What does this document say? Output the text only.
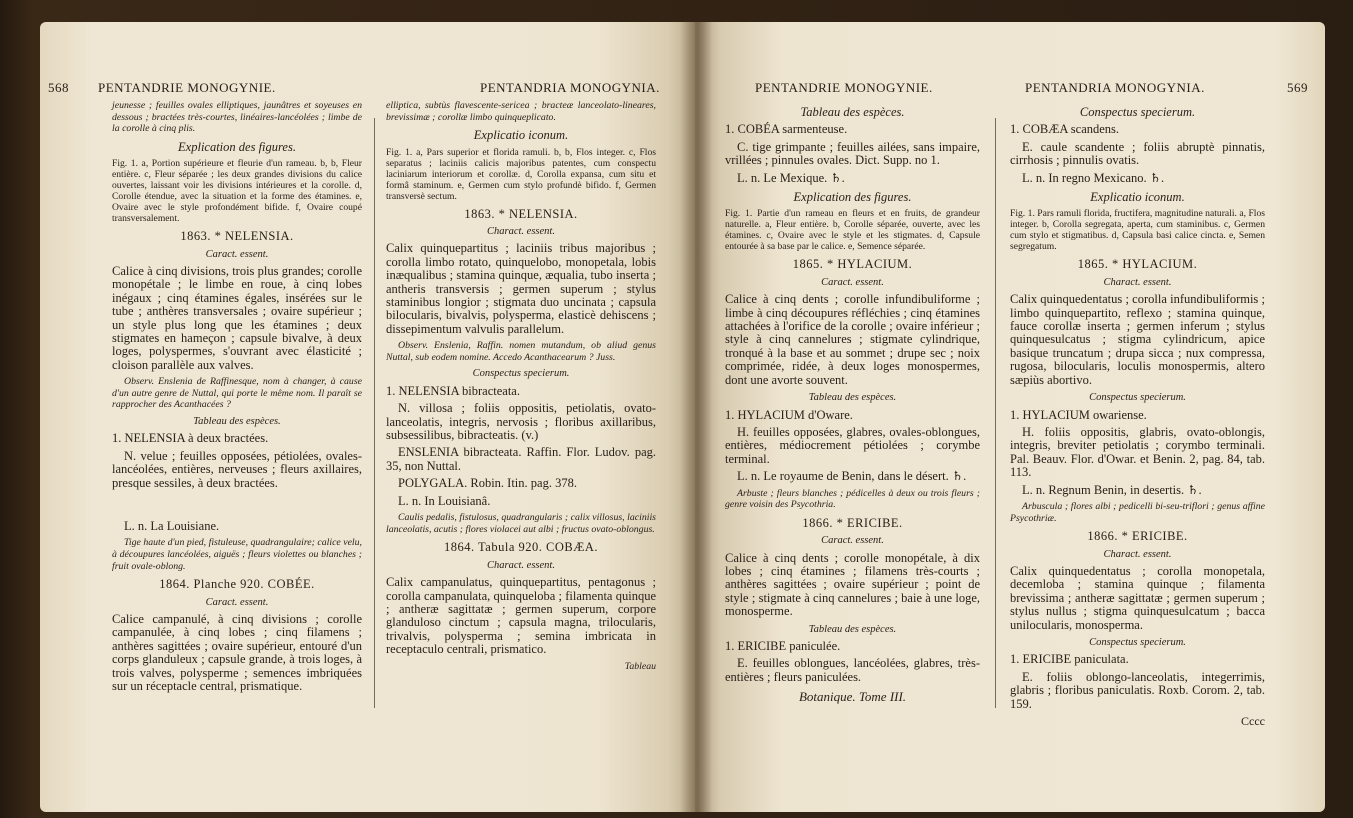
568 PENTANDRIE MONOGYNIE.	PENTANDRIA MONOGYNIA.

jeunesse ; feuilles ovales elliptiques, jaunâtres et soyeuses en dessous ; bractées très-courtes, linéaires-lancéolées ; limbe de la corolle à cinq plis.

Explication des figures.

Fig. 1. a, Portion supérieure et fleurie d'un rameau. b, b, Fleur entière. c, Fleur séparée ; les deux grandes divisions du calice ouvertes, laissant voir les divisions intérieures et la corolle. d, Corolle étendue, avec la situation et la forme des étamines. e, Ovaire avec le style profondément bifide. f, Ovaire coupé transversalement.

1863. * NELENSIA.
Caract. essent.

Calice à cinq divisions, trois plus grandes; corolle monopétale ; le limbe en roue, à cinq lobes inégaux ; cinq étamines égales, insérées sur le tube ; anthères transversales ; ovaire supérieur ; un style plus long que les étamines ; deux stigmates en hameçon ; capsule bivalve, à deux loges, polyspermes, s'ouvrant avec élasticité ; cloison parallèle aux valves.

Observ. Enslenia de Raffinesque, nom à changer, à cause d'un autre genre de Nuttal, qui porte le même nom. Il paraît se rapprocher des Acanthacées ?

Tableau des espèces.

1. NELENSIA à deux bractées.

N. velue ; feuilles opposées, pétiolées, ovales-lancéolées, entières, nerveuses ; fleurs axillaires, presque sessiles, à deux bractées.

L. n. La Louisiane.

Tige haute d'un pied, fistuleuse, quadrangulaire; calice velu, à découpures lancéolées, aiguës ; fleurs violettes ou blanches ; fruit ovale-oblong.

1864. Planche 920. COBÉE.
Caract. essent.

Calice campanulé, à cinq divisions ; corolle campanulée, à cinq lobes ; cinq filamens ; anthères sagittées ; ovaire supérieur, entouré d'un corps glanduleux ; capsule grande, à trois loges, à trois valves, polysperme ; semences imbriquées sur un réceptacle central, prismatique.

elliptica, subtùs flavescente-sericea ; bracteæ lanceolato-lineares, brevissimæ ; corollæ limbo quinqueplicato.

Explicatio iconum.

Fig. 1. a, Pars superior et florida ramuli. b, b, Flos integer. c, Flos separatus ; laciniis calicis majoribus patentes, cum conspectu laciniarum interiorum et corollæ. d, Corolla expansa, cum situ et formâ staminum. e, Germen cum stylo profundè bifido. f, Germen transversè sectum.

1863. * NELENSIA.
Charact. essent.

Calix quinquepartitus ; laciniis tribus majoribus ; corolla limbo rotato, quinquelobo, monopetala, lobis inæqualibus ; stamina quinque, æqualia, tubo inserta ; antheris transversis ; germen superum ; stylus staminibus longior ; stigmata duo uncinata ; capsula bilocularis, bivalvis, polysperma, elasticè dehiscens ; dissepimentum valvulis parallelum.

Observ. Enslenia, Raffin. nomen mutandum, ob aliud genus Nuttal, sub eodem nomine. Accedo Acanthacearum ? Juss.

Conspectus specierum.

1. NELENSIA bibracteata.

N. villosa ; foliis oppositis, petiolatis, ovato-lanceolatis, integris, nervosis ; floribus axillaribus, subsessilibus, bibracteatis. (v.)

ENSLENIA bibracteata. Raffin. Flor. Ludov. pag. 35, non Nuttal.

POLYGALA. Robin. Itin. pag. 378.

L. n. In Louisianâ.

Caulis pedalis, fistulosus, quadrangularis ; calix villosus, laciniis lanceolatis, acutis ; flores violacei aut albi ; fructus ovato-oblongus.

1864. Tabula 920. COBÆA.
Charact. essent.

Calix campanulatus, quinquepartitus, pentagonus ; corolla campanulata, quinqueloba ; filamenta quinque ; antheræ sagittatæ ; germen superum, corpore glanduloso cinctum ; capsula magna, trilocularis, trivalvis, polysperma ; semina imbricata in receptaculo centrali, prismatico.

Tableau
PENTANDRIE MONOGYNIE.	PENTANDRIA MONOGYNIA.	569
Tableau des espèces.

1. COBÉA sarmenteuse.

C. tige grimpante ; feuilles ailées, sans impaire, vrillées ; pinnules ovales. Dict. Supp. no 1.

L. n. Le Mexique. ♄.

Explication des figures.

Fig. 1. Partie d'un rameau en fleurs et en fruits, de grandeur naturelle. a, Fleur entière. b, Corolle séparée, ouverte, avec les étamines. c, Ovaire avec le style et les stigmates. d, Capsule entourée à sa base par le calice. e, Semence séparée.

1865. * HYLACIUM.
Caract. essent.

Calice à cinq dents ; corolle infundibuliforme ; limbe à cinq découpures réfléchies ; cinq étamines attachées à l'orifice de la corolle ; ovaire inférieur ; style à cinq cannelures ; stigmate cylindrique, tronqué à la base et au sommet ; drupe sec ; noix comprimée, ridée, à deux loges monospermes, dont une avorte souvent.

Tableau des espèces.

1. HYLACIUM d'Oware.

H. feuilles opposées, glabres, ovales-oblongues, entières, médiocrement pétiolées ; corymbe terminal.

L. n. Le royaume de Benin, dans le désert. ♄.

Arbuste ; fleurs blanches ; pédicelles à deux ou trois fleurs ; genre voisin des Psycothria.

1866. * ERICIBE.
Caract. essent.

Calice à cinq dents ; corolle monopétale, à dix lobes ; cinq étamines ; filamens très-courts ; anthères sagittées ; ovaire supérieur ; point de style ; stigmate à cinq cannelures ; baie à une loge, monosperme.

Tableau des espèces.

1. ERICIBE paniculée.

E. feuilles oblongues, lancéolées, glabres, très-entières ; fleurs paniculées.

Botanique. Tome III.
Conspectus specierum.

1. COBÆA scandens.

E. caule scandente ; foliis abruptè pinnatis, cirrhosis ; pinnulis ovatis.

L. n. In regno Mexicano. ♄.

Explicatio iconum.

Fig. 1. Pars ramuli florida, fructifera, magnitudine naturali. a, Flos integer. b, Corolla segregata, aperta, cum staminibus. c, Germen cum stylo et stigmatibus. d, Capsula basi calice cincta. e, Semen segregatum.

1865. * HYLACIUM.
Charact. essent.

Calix quinquedentatus ; corolla infundibuliformis ; limbo quinquepartito, reflexo ; stamina quinque, fauce corollæ inserta ; germen inferum ; stylus quinquesulcatus ; stigma cylindricum, apice basique truncatum ; drupa sicca ; nux compressa, rugosa, bilocularis, loculis monospermis, altero sæpiùs abortivo.

Conspectus specierum.

1. HYLACIUM owariense.

H. foliis oppositis, glabris, ovato-oblongis, integris, breviter petiolatis ; corymbo terminali. Pal. Beauv. Flor. d'Owar. et Benin. 2, pag. 84, tab. 113.

L. n. Regnum Benin, in desertis. ♄.

Arbuscula ; flores albi ; pedicelli bi-seu-triflori ; genus affine Psycothriæ.

1866. * ERICIBE.
Charact. essent.

Calix quinquedentatus ; corolla monopetala, decemloba ; stamina quinque ; filamenta brevissima ; antheræ sagittatæ ; germen superum ; stylus nullus ; stigma quinquesulcatum ; bacca unilocularis, monosperma.

Conspectus specierum.

1. ERICIBE paniculata.

E. foliis oblongo-lanceolatis, integerrimis, glabris ; floribus paniculatis. Roxb. Corom. 2, tab. 159.

Cccc
